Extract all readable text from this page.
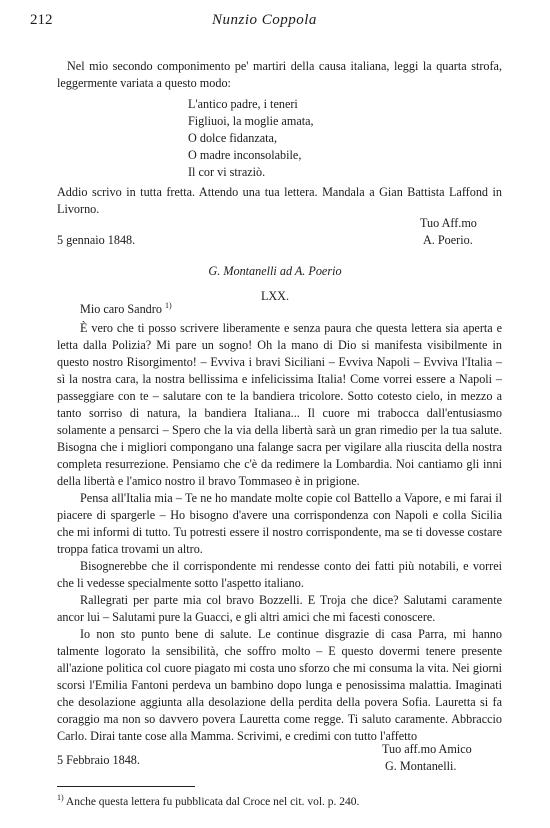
212	Nunzio Coppola

Nel mio secondo componimento pe' martiri della causa italiana, leggi la quarta strofa, leggermente variata a questo modo:

L'antico padre, i teneri
Figliuoi, la moglie amata,
O dolce fidanzata,
O madre inconsolabile,
Il cor vi straziò.

Addio scrivo in tutta fretta. Attendo una tua lettera. Mandala a Gian Battista Laffond in Livorno.

Tuo Aff.mo
A. Poerio.
5 gennaio 1848.
G. Montanelli ad A. Poerio
LXX.
Mio caro Sandro $^{1)}$

È vero che ti posso scrivere liberamente e senza paura che questa lettera sia aperta e letta dalla Polizia? Mi pare un sogno! Oh la mano di Dio si manifesta visibilmente in questo nostro Risorgimento! – Evviva i bravi Siciliani – Evviva Napoli – Evviva l'Italia – sì la nostra cara, la nostra bellissima e infelicissima Italia! Come vorrei essere a Napoli – passeggiare con te – salutare con te la bandiera tricolore. Sotto cotesto cielo, in mezzo a tanto sorriso di natura, la bandiera Italiana... Il cuore mi trabocca dall'entusiasmo solamente a pensarci – Spero che la via della libertà sarà un gran rimedio per la tua salute. Bisogna che i migliori compongano una falange sacra per vigilare alla riuscita della nostra completa resurrezione. Pensiamo che c'è da redimere la Lombardia. Noi cantiamo gli inni della libertà e l'amico nostro il bravo Tommaseo è in prigione.

Pensa all'Italia mia – Te ne ho mandate molte copie col Battello a Vapore, e mi farai il piacere di spargerle – Ho bisogno d'avere una corrispondenza con Napoli e colla Sicilia che mi informi di tutto. Tu potresti essere il nostro corrispondente, ma se ti dovesse costare troppa fatica trovami un altro.

Bisognerebbe che il corrispondente mi rendesse conto dei fatti più notabili, e vorrei che li vedesse specialmente sotto l'aspetto italiano.

Rallegrati per parte mia col bravo Bozzelli. E Troja che dice? Salutami caramente ancor lui – Salutami pure la Guacci, e gli altri amici che mi facesti conoscere.

Io non sto punto bene di salute. Le continue disgrazie di casa Parra, mi hanno talmente logorato la sensibilità, che soffro molto – E questo dovermi tenere presente all'azione politica col cuore piagato mi costa uno sforzo che mi consuma la vita. Nei giorni scorsi l'Emilia Fantoni perdeva un bambino dopo lunga e penosissima malattia. Imaginati che desolazione aggiunta alla desolazione della perdita della povera Sofia. Lauretta si fa coraggio ma non so davvero povera Lauretta come regge. Ti saluto caramente. Abbraccio Carlo. Dirai tante cose alla Mamma. Scrivimi, e credimi con tutto l'affetto

Tuo aff.mo Amico
G. Montanelli.
5 Febbraio 1848.
$^{1)}$ Anche questa lettera fu pubblicata dal Croce nel cit. vol. p. 240.
